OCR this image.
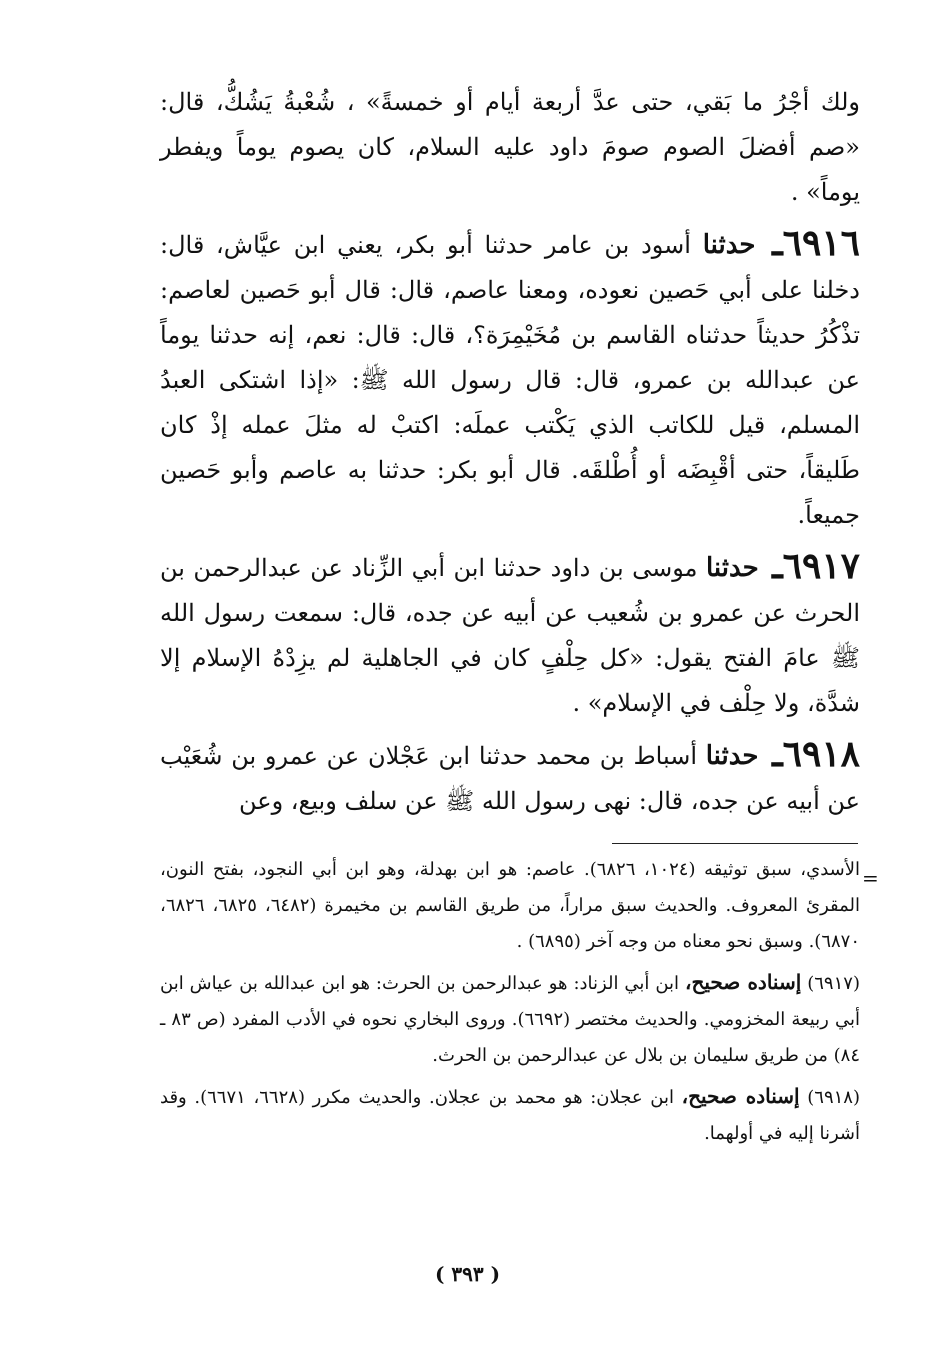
ولك أجْرُ ما بَقي، حتى عدَّ أربعة أيام أو خمسةً» ، شُعْبةُ يَشُكُّ، قال: «صم أفضلَ الصوم صومَ داود عليه السلام، كان يصوم يوماً ويفطر يوماً» .

٦٩١٦ـ حدثنا أسود بن عامر حدثنا أبو بكر، يعني ابن عيَّاش، قال: دخلنا على أبي حَصين نعوده، ومعنا عاصم، قال: قال أبو حَصين لعاصم: تذْكُرُ حديثاً حدثناه القاسم بن مُخَيْمِرَة؟، قال: قال: نعم، إنه حدثنا يوماً عن عبدالله بن عمرو، قال: قال رسول الله ﷺ: «إذا اشتكى العبدُ المسلم، قيل للكاتب الذي يَكْتب عملَه: اكتبْ له مثلَ عمله إذْ كان طَليقاً، حتى أقْبِضَه أو أُطْلقَه. قال أبو بكر: حدثنا به عاصم وأبو حَصين جميعاً.

٦٩١٧ـ حدثنا موسى بن داود حدثنا ابن أبي الزِّناد عن عبدالرحمن بن الحرث عن عمرو بن شُعيب عن أبيه عن جده، قال: سمعت رسول الله ﷺ عامَ الفتح يقول: «كل حِلْفٍ كان في الجاهلية لم يزِدْهُ الإسلام إلا شدَّة، ولا حِلْف في الإسلام» .

٦٩١٨ـ حدثنا أسباط بن محمد حدثنا ابن عَجْلان عن عمرو بن شُعَيْب عن أبيه عن جده، قال: نهى رسول الله ﷺ عن سلف وبيع، وعن

=

الأسدي، سبق توثيقه (١٠٢٤، ٦٨٢٦). عاصم: هو ابن بهدلة، وهو ابن أبي النجود، بفتح النون، المقرئ المعروف. والحديث سبق مراراً، من طريق القاسم بن مخيمرة (٦٤٨٢، ٦٨٢٥، ٦٨٢٦، ٦٨٧٠). وسبق نحو معناه من وجه آخر (٦٨٩٥) .

(٦٩١٧) إسناده صحيح، ابن أبي الزناد: هو عبدالرحمن بن الحرث: هو ابن عبدالله بن عياش ابن أبي ربيعة المخزومي. والحديث مختصر (٦٦٩٢). وروى البخاري نحوه في الأدب المفرد (ص ٨٣ ـ ٨٤) من طريق سليمان بن بلال عن عبدالرحمن بن الحرث.

(٦٩١٨) إسناده صحيح، ابن عجلان: هو محمد بن عجلان. والحديث مكرر (٦٦٢٨، ٦٦٧١). وقد أشرنا إليه في أولهما.

( ٣٩٣ )
